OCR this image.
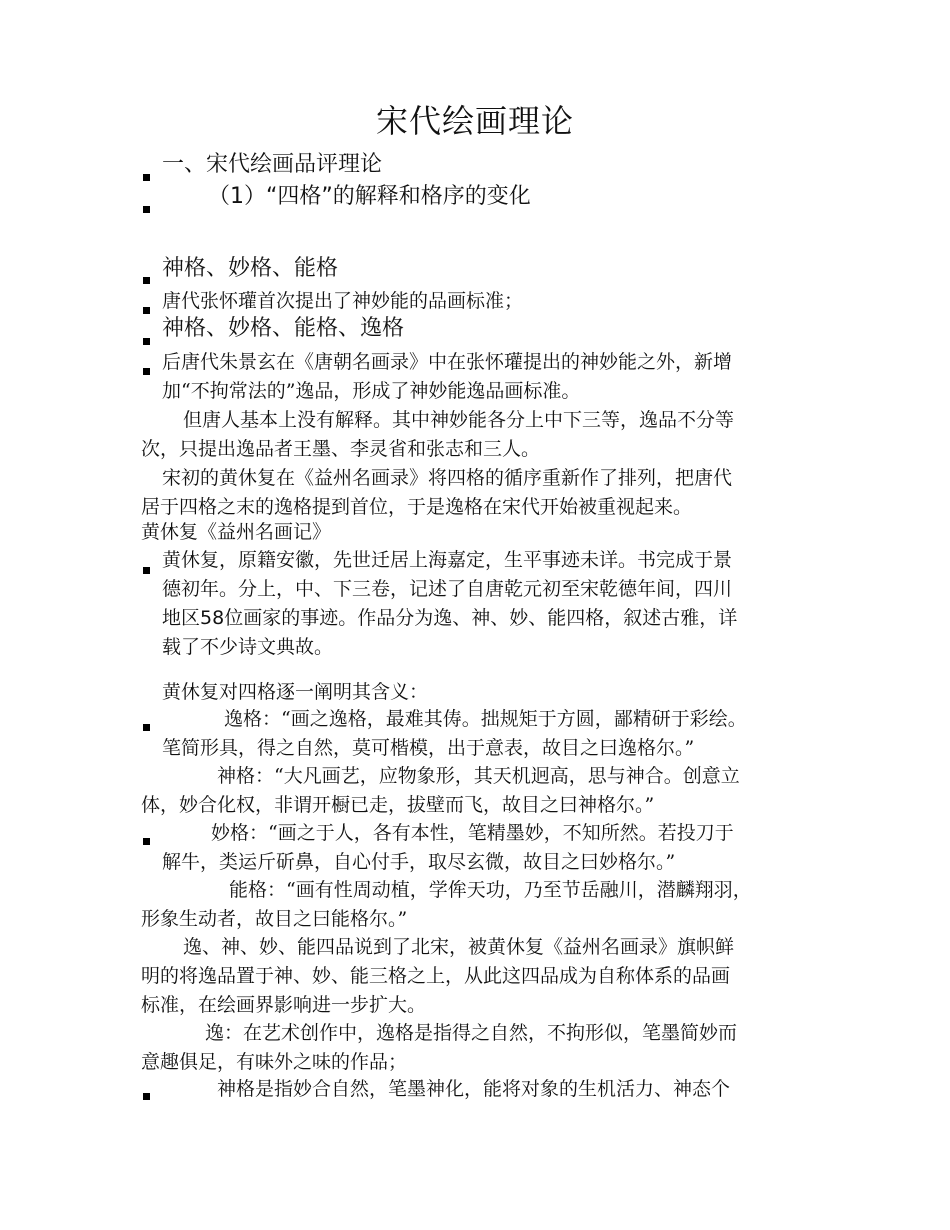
宋代绘画理论
一、宋代绘画品评理论
（1）“四格”的解释和格序的变化
神格、妙格、能格
唐代张怀瓘首次提出了神妙能的品画标准；
神格、妙格、能格、逸格
后唐代朱景玄在《唐朝名画录》中在张怀瓘提出的神妙能之外，新增
加“不拘常法的”逸品，形成了神妙能逸品画标准。
但唐人基本上没有解释。其中神妙能各分上中下三等，逸品不分等
次，只提出逸品者王墨、李灵省和张志和三人。
宋初的黄休复在《益州名画录》将四格的循序重新作了排列，把唐代
居于四格之末的逸格提到首位，于是逸格在宋代开始被重视起来。
黄休复《益州名画记》
黄休复，原籍安徽，先世迁居上海嘉定，生平事迹未详。书完成于景
德初年。分上，中、下三卷，记述了自唐乾元初至宋乾德年间，四川
地区58位画家的事迹。作品分为逸、神、妙、能四格，叙述古雅，详
载了不少诗文典故。
黄休复对四格逐一阐明其含义：
逸格：“画之逸格，最难其俦。拙规矩于方圆，鄙精研于彩绘。
笔简形具，得之自然，莫可楷模，出于意表，故目之曰逸格尔。”
神格：“大凡画艺，应物象形，其天机迥高，思与神合。创意立
体，妙合化权，非谓开橱已走，拔壁而飞，故目之曰神格尔。”
妙格：“画之于人，各有本性，笔精墨妙，不知所然。若投刀于
解牛，类运斤斫鼻，自心付手，取尽玄微，故目之曰妙格尔。”
能格：“画有性周动植，学侔天功，乃至节岳融川，潜麟翔羽，
形象生动者，故目之曰能格尔。”
逸、神、妙、能四品说到了北宋，被黄休复《益州名画录》旗帜鲜
明的将逸品置于神、妙、能三格之上，从此这四品成为自称体系的品画
标准，在绘画界影响进一步扩大。
逸：在艺术创作中，逸格是指得之自然，不拘形似，笔墨简妙而
意趣俱足，有味外之味的作品；
神格是指妙合自然，笔墨神化，能将对象的生机活力、神态个
